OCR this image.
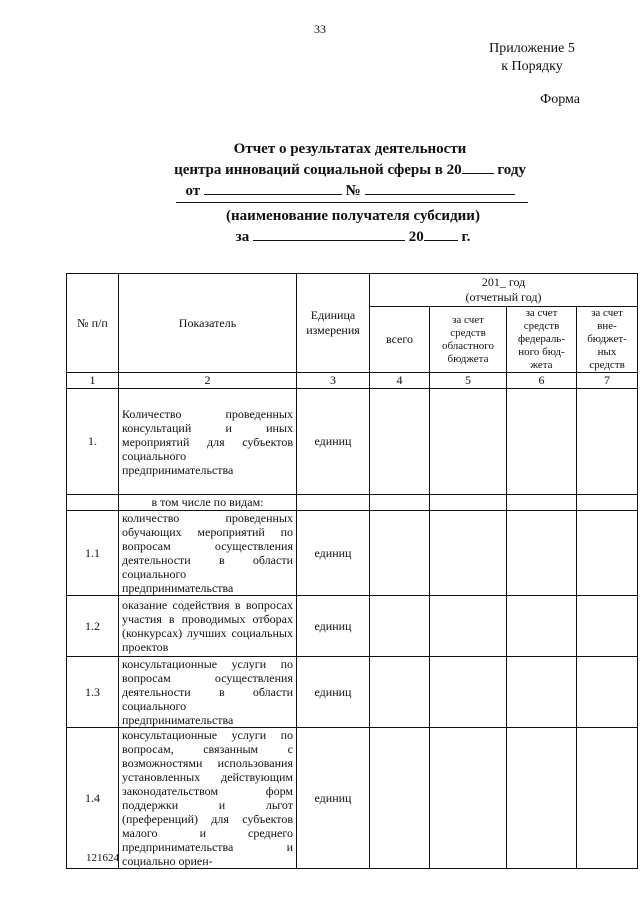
33
Приложение 5
к Порядку
Форма
Отчет о результатах деятельности
центра инноваций социальной сферы в 20 году
от	№
(наименование получателя субсидии)
за	20	г.
№ п/п	Показатель	Единица измерения	201_ год
(отчетный год)			

			всего	за счет средств областного бюджета	за счет средств федераль-ного бюд-жета	за счет вне-бюджет-ных средств
1	2	3	4	5	6	7
1.	Количество проведенных консультаций и иных мероприятий для субъектов социального предпринимательства	единиц				
	в том числе по видам:					
1.1	количество проведенных обучающих мероприятий по вопросам осуществления деятельности в области социального предпринимательства	единиц				
1.2	оказание содействия в вопросах участия в проводимых отборах (конкурсах) лучших социальных проектов	единиц				
1.3	консультационные услуги по вопросам осуществления деятельности в области социального предпринимательства	единиц				
1.4	консультационные услуги по вопросам, связанным с возможностями использования установленных действующим законодательством форм поддержки и льгот (преференций) для субъектов малого и среднего предпринимательства и социально ориен-	единиц				
121624
